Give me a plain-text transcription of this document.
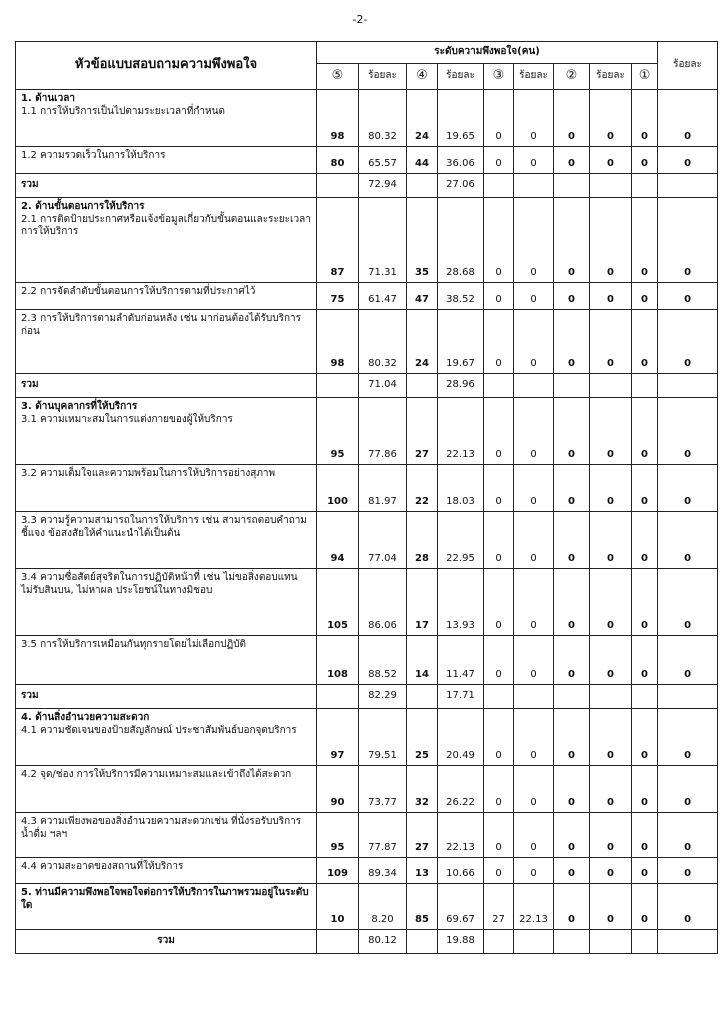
-2-
หัวข้อแบบสอบถามความพึงพอใจ	ระดับความพึงพอใจ(คน)									ร้อยละ
	⑤	ร้อยละ	④	ร้อยละ	③	ร้อยละ	②	ร้อยละ	①	

1. ด้านเวลา
1.1 การให้บริการเป็นไปตามระยะเวลาที่กำหนด	98	80.32	24	19.65	0	0	0	0	0	0

1.2 ความรวดเร็วในการให้บริการ	80	65.57	44	36.06	0	0	0	0	0	0
รวม		72.94		27.06						

2. ด้านขั้นตอนการให้บริการ
2.1 การติดป้ายประกาศหรือแจ้งข้อมูลเกี่ยวกับขั้นตอนและระยะเวลาการให้บริการ	87	71.31	35	28.68	0	0	0	0	0	0

2.2 การจัดลำดับขั้นตอนการให้บริการตามที่ประกาศไว้	75	61.47	47	38.52	0	0	0	0	0	0

2.3 การให้บริการตามลำดับก่อนหลัง เช่น มาก่อนต้องได้รับบริการก่อน	98	80.32	24	19.67	0	0	0	0	0	0
รวม		71.04		28.96						

3. ด้านบุคลากรที่ให้บริการ
3.1 ความเหมาะสมในการแต่งกายของผู้ให้บริการ	95	77.86	27	22.13	0	0	0	0	0	0

3.2 ความเต็มใจและความพร้อมในการให้บริการอย่างสุภาพ	100	81.97	22	18.03	0	0	0	0	0	0

3.3 ความรู้ความสามารถในการให้บริการ เช่น สามารถตอบคำถาม ชี้แจง ข้อสงสัยให้คำแนะนำได้เป็นต้น	94	77.04	28	22.95	0	0	0	0	0	0

3.4 ความซื่อสัตย์สุจริตในการปฏิบัติหน้าที่ เช่น ไม่ขอสิ่งตอบแทน ไม่รับสินบน, ไม่หาผล ประโยชน์ในทางมิชอบ	105	86.06	17	13.93	0	0	0	0	0	0

3.5 การให้บริการเหมือนกันทุกรายโดยไม่เลือกปฏิบัติ	108	88.52	14	11.47	0	0	0	0	0	0
รวม		82.29		17.71						

4. ด้านสิ่งอำนวยความสะดวก
4.1 ความชัดเจนของป้ายสัญลักษณ์ ประชาสัมพันธ์บอกจุดบริการ	97	79.51	25	20.49	0	0	0	0	0	0

4.2 จุด/ช่อง การให้บริการมีความเหมาะสมและเข้าถึงได้สะดวก	90	73.77	32	26.22	0	0	0	0	0	0

4.3 ความเพียงพอของสิ่งอำนวยความสะดวกเช่น ที่นั่งรอรับบริการ น้ำดื่ม ฯลฯ	95	77.87	27	22.13	0	0	0	0	0	0

4.4 ความสะอาดของสถานที่ให้บริการ	109	89.34	13	10.66	0	0	0	0	0	0

5. ท่านมีความพึงพอใจพอใจต่อการให้บริการในภาพรวมอยู่ในระดับใด	10	8.20	85	69.67	27	22.13	0	0	0	0
รวม		80.12		19.88						
